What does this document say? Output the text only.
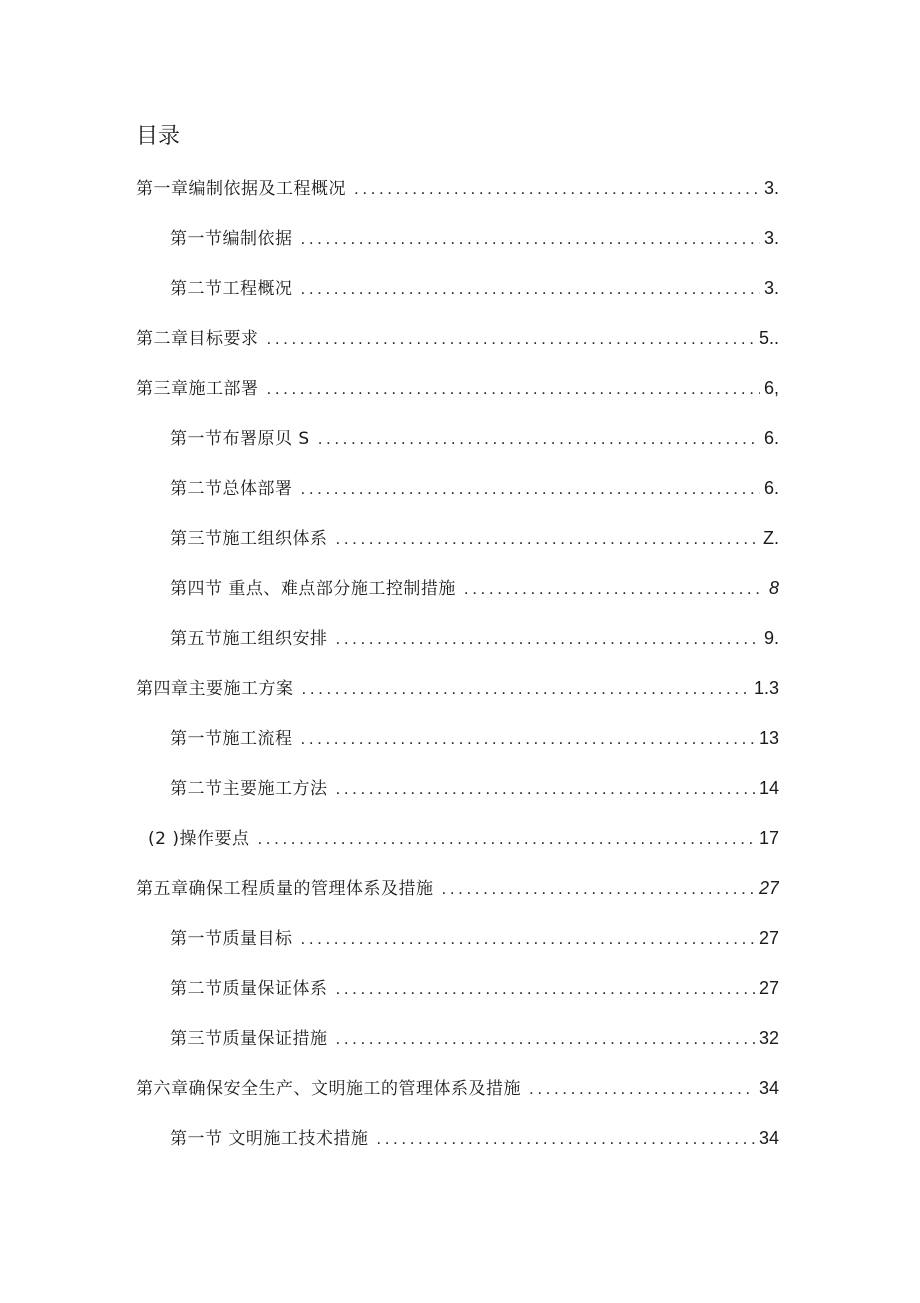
目录
第一章编制依据及工程概况 .....	3.
第一节编制依据 .....	3.
第二节工程概况 .....	3.
第二章目标要求 .....	5..
第三章施工部署 .....	6,
第一节布署原贝 S .....	6.
第二节总体部署 .....	6.
第三节施工组织体系 .....	Z.
第四节 重点、难点部分施工控制措施 .....	8
第五节施工组织安排 .....	9.
第四章主要施工方案 .....	1.3
第一节施工流程 .....	13
第二节主要施工方法 .....	14
(2 )操作要点 .....	17
第五章确保工程质量的管理体系及措施 .....	27
第一节质量目标 .....	27
第二节质量保证体系 .....	27
第三节质量保证措施 .....	32
第六章确保安全生产、文明施工的管理体系及措施 .....	34
第一节 文明施工技术措施 .....	34
